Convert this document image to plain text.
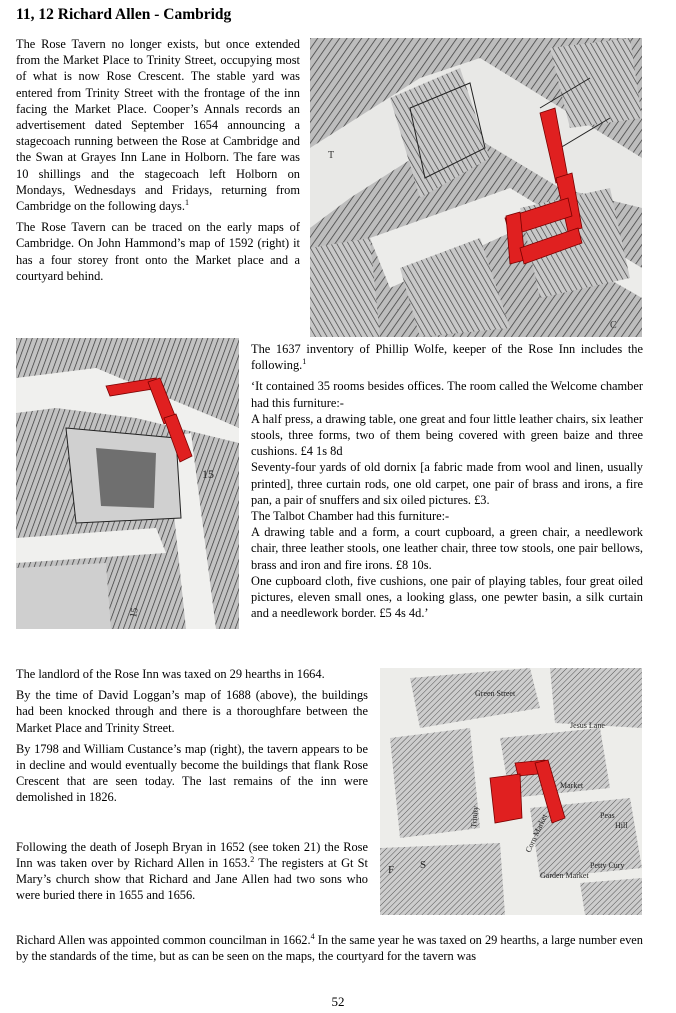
11, 12 Richard Allen - Cambridg

The Rose Tavern no longer exists, but once extended from the Market Place to Trinity Street, occupying most of what is now Rose Crescent. The stable yard was entered from Trinity Street with the frontage of the inn facing the Market Place. Cooper’s Annals records an advertisement dated September 1654 announcing a stagecoach running between the Rose at Cambridge and the Swan at Grayes Inn Lane in Holborn. The fare was 10 shillings and the stagecoach left Holborn on Mondays, Wednesdays and Fridays, returning from Cambridge on the following days.$^1$

The Rose Tavern can be traced on the early maps of Cambridge. On John Hammond’s map of 1592 (right) it has a four storey front onto the Market place and a courtyard behind.

T
C
15
15

The 1637 inventory of Phillip Wolfe, keeper of the Rose Inn includes the following.$^1$

‘It contained 35 rooms besides offices. The room called the Welcome chamber had this furniture:-

A half press, a drawing table, one great and four little leather chairs, six leather stools, three forms, two of them being covered with green baize and three cushions. £4 1s 8d

Seventy-four yards of old dornix [a fabric made from wool and linen, usually printed], three curtain rods, one old carpet, one pair of brass and irons, a fire pan, a pair of snuffers and six oiled pictures. £3.

The Talbot Chamber had this furniture:-

A drawing table and a form, a court cupboard, a green chair, a needlework chair, three leather stools, one leather chair, three tow stools, one pair bellows, brass and iron and fire irons. £8 10s.

One cupboard cloth, five cushions, one pair of playing tables, four great oiled pictures, eleven small ones, a looking glass, one pewter basin, a silk curtain and a needlework border. £5 4s 4d.’

The landlord of the Rose Inn was taxed on 29 hearths in 1664.

By the time of David Loggan’s map of 1688 (above), the buildings had been knocked through and there is a thoroughfare between the Market Place and Trinity Street.

By 1798 and William Custance’s map (right), the tavern appears to be in decline and would eventually become the buildings that flank Rose Crescent that are seen today. The last remains of the inn were demolished in 1826.

Following the death of Joseph Bryan in 1652 (see token 21) the Rose Inn was taken over by Richard Allen in 1653.$^2$ The registers at Gt St Mary’s church show that Richard and Jane Allen had two sons who were buried there in 1655 and 1656.

Green Street
Market
Corn Market
Garden Market
Petty Cury
Peas
Hill
Jesus Lane
F S
Trinity

Richard Allen was appointed common councilman in 1662.$^4$ In the same year he was taxed on 29 hearths, a large number even by the standards of the time, but as can be seen on the maps, the courtyard for the tavern was

52
